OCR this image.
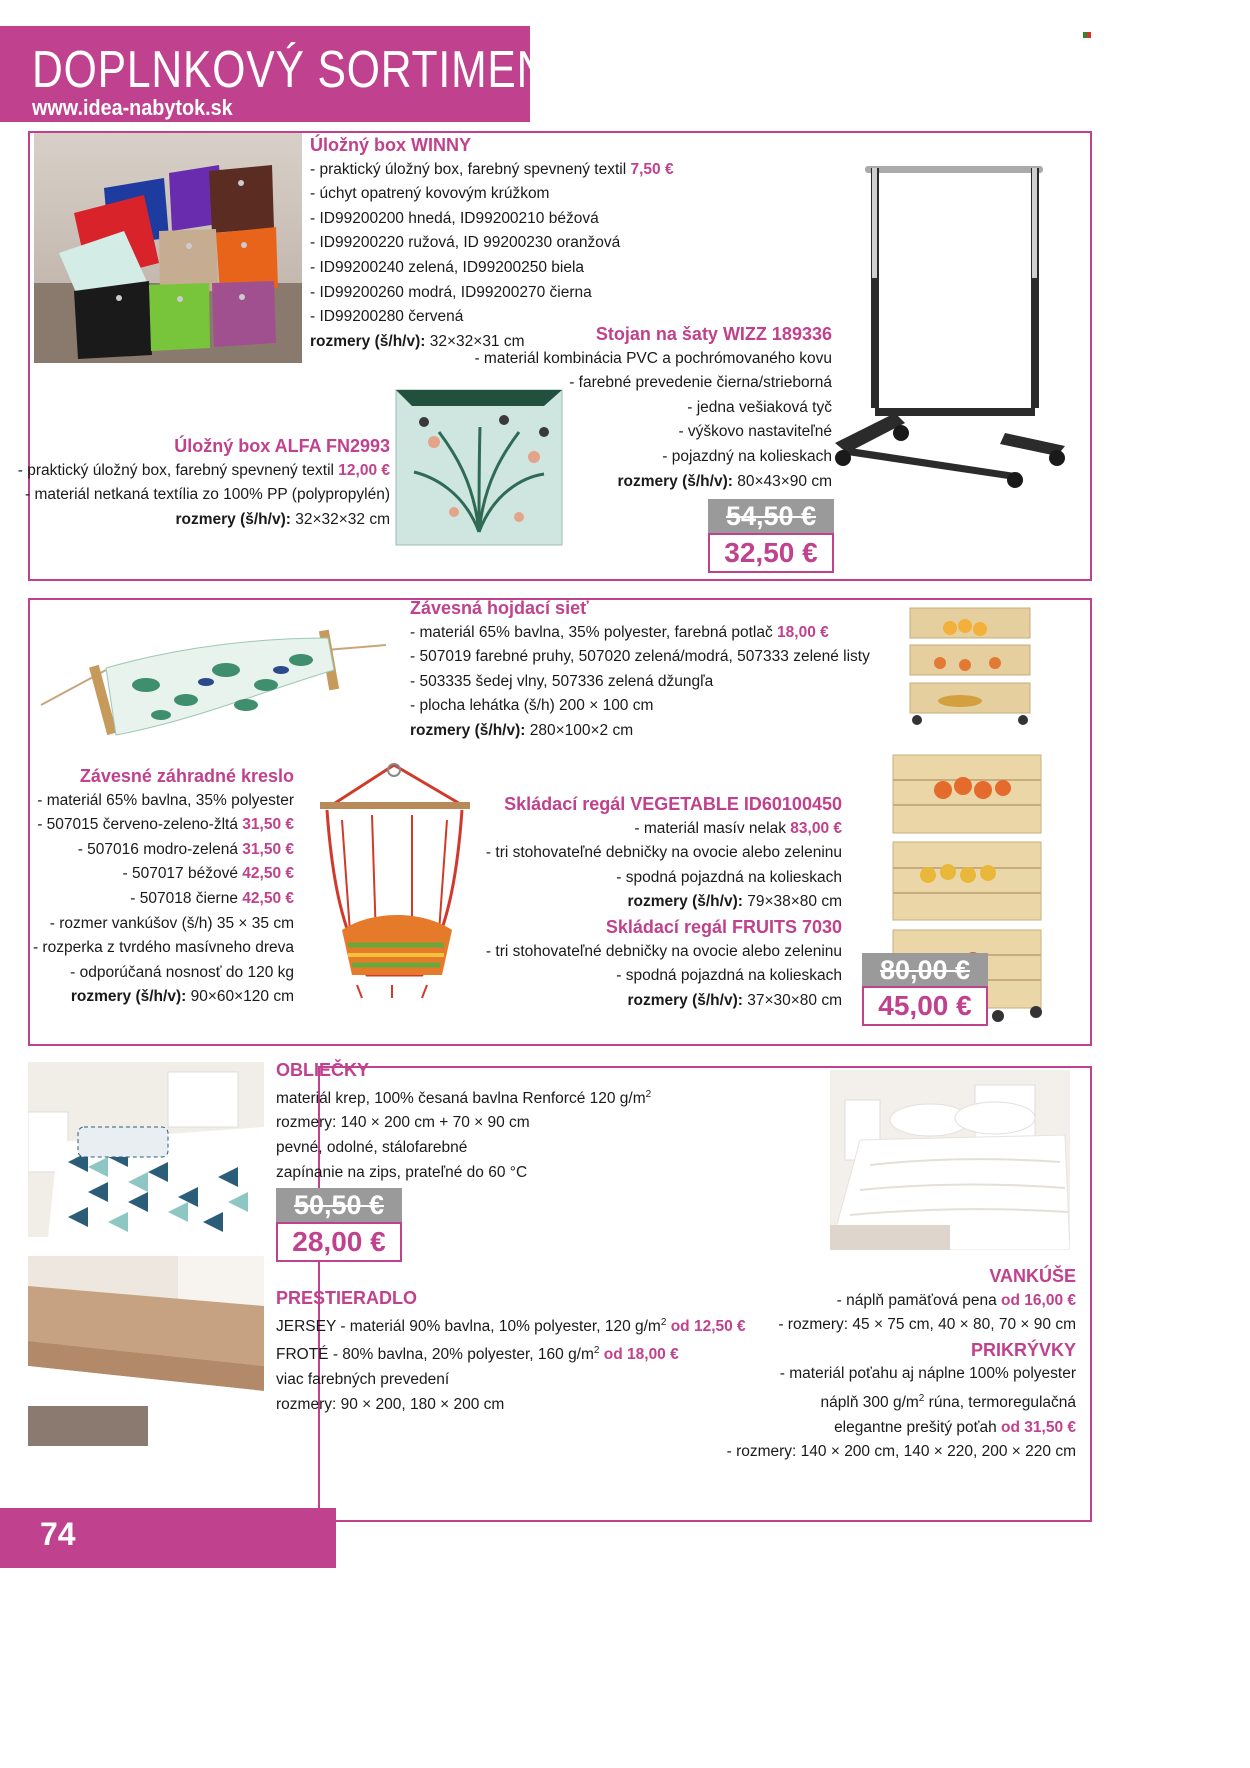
DOPLNKOVÝ SORTIMENT
www.idea-nabytok.sk
Úložný box WINNY
- praktický úložný box, farebný spevnený textil 7,50 €
- úchyt opatrený kovovým krúžkom
- ID99200200 hnedá, ID99200210 béžová
- ID99200220 ružová, ID 99200230 oranžová
- ID99200240 zelená, ID99200250 biela
- ID99200260 modrá, ID99200270 čierna
- ID99200280 červená
rozmery (š/h/v): 32×32×31 cm	Stojan na šaty WIZZ 189336
- materiál kombinácia PVC a pochrómovaného kovu
- farebné prevedenie čierna/strieborná
- jedna vešiaková tyč
- výškovo nastaviteľné
- pojazdný na kolieskach
rozmery (š/h/v): 80×43×90 cm
54,50 €
32,50 €
Úložný box ALFA FN2993
- praktický úložný box, farebný spevnený textil 12,00 €
- materiál netkaná textília zo 100% PP (polypropylén)
rozmery (š/h/v): 32×32×32 cm
Závesná hojdací sieť
- materiál 65% bavlna, 35% polyester, farebná potlač 18,00 €
- 507019 farebné pruhy, 507020 zelená/modrá, 507333 zelené listy
- 503335 šedej vlny, 507336 zelená džungľa
- plocha lehátka (š/h) 200 × 100 cm
rozmery (š/h/v): 280×100×2 cm
Závesné záhradné kreslo
- materiál 65% bavlna, 35% polyester
- 507015 červeno-zeleno-žltá 31,50 €
- 507016 modro-zelená 31,50 €
- 507017 béžové 42,50 €
- 507018 čierne 42,50 €
- rozmer vankúšov (š/h) 35 × 35 cm
- rozperka z tvrdého masívneho dreva
- odporúčaná nosnosť do 120 kg
rozmery (š/h/v): 90×60×120 cm
Skládací regál VEGETABLE ID60100450
- materiál masív nelak 83,00 €
- tri stohovateľné debničky na ovocie alebo zeleninu
- spodná pojazdná na kolieskach
rozmery (š/h/v): 79×38×80 cm
Skládací regál FRUITS 7030
- tri stohovateľné debničky na ovocie alebo zeleninu
- spodná pojazdná na kolieskach
rozmery (š/h/v): 37×30×80 cm
80,00 €
45,00 €
OBLIEČKY
materiál krep, 100% česaná bavlna Renforcé 120 $g/m^2$
rozmery: 140 × 200 cm + 70 × 90 cm
pevné, odolné, stálofarebné
zapínanie na zips, prateľné do 60 °C
50,50 €
28,00 €
PRESTIERADLO
JERSEY - materiál 90% bavlna, 10% polyester, 120 $g/m^2$ od 12,50 €
FROTÉ - 80% bavlna, 20% polyester, 160 $g/m^2$ od 18,00 €
viac farebných prevedení
rozmery: 90 × 200, 180 × 200 cm
VANKÚŠE
- náplň pamäťová pena od 16,00 €
- rozmery: 45 × 75 cm, 40 × 80, 70 × 90 cm
PRIKRÝVKY
- materiál poťahu aj náplne 100% polyester
náplň 300 $g/m^2$ rúna, termoregulačná
elegantne prešitý poťah od 31,50 €
- rozmery: 140 × 200 cm, 140 × 220, 200 × 220 cm
74
